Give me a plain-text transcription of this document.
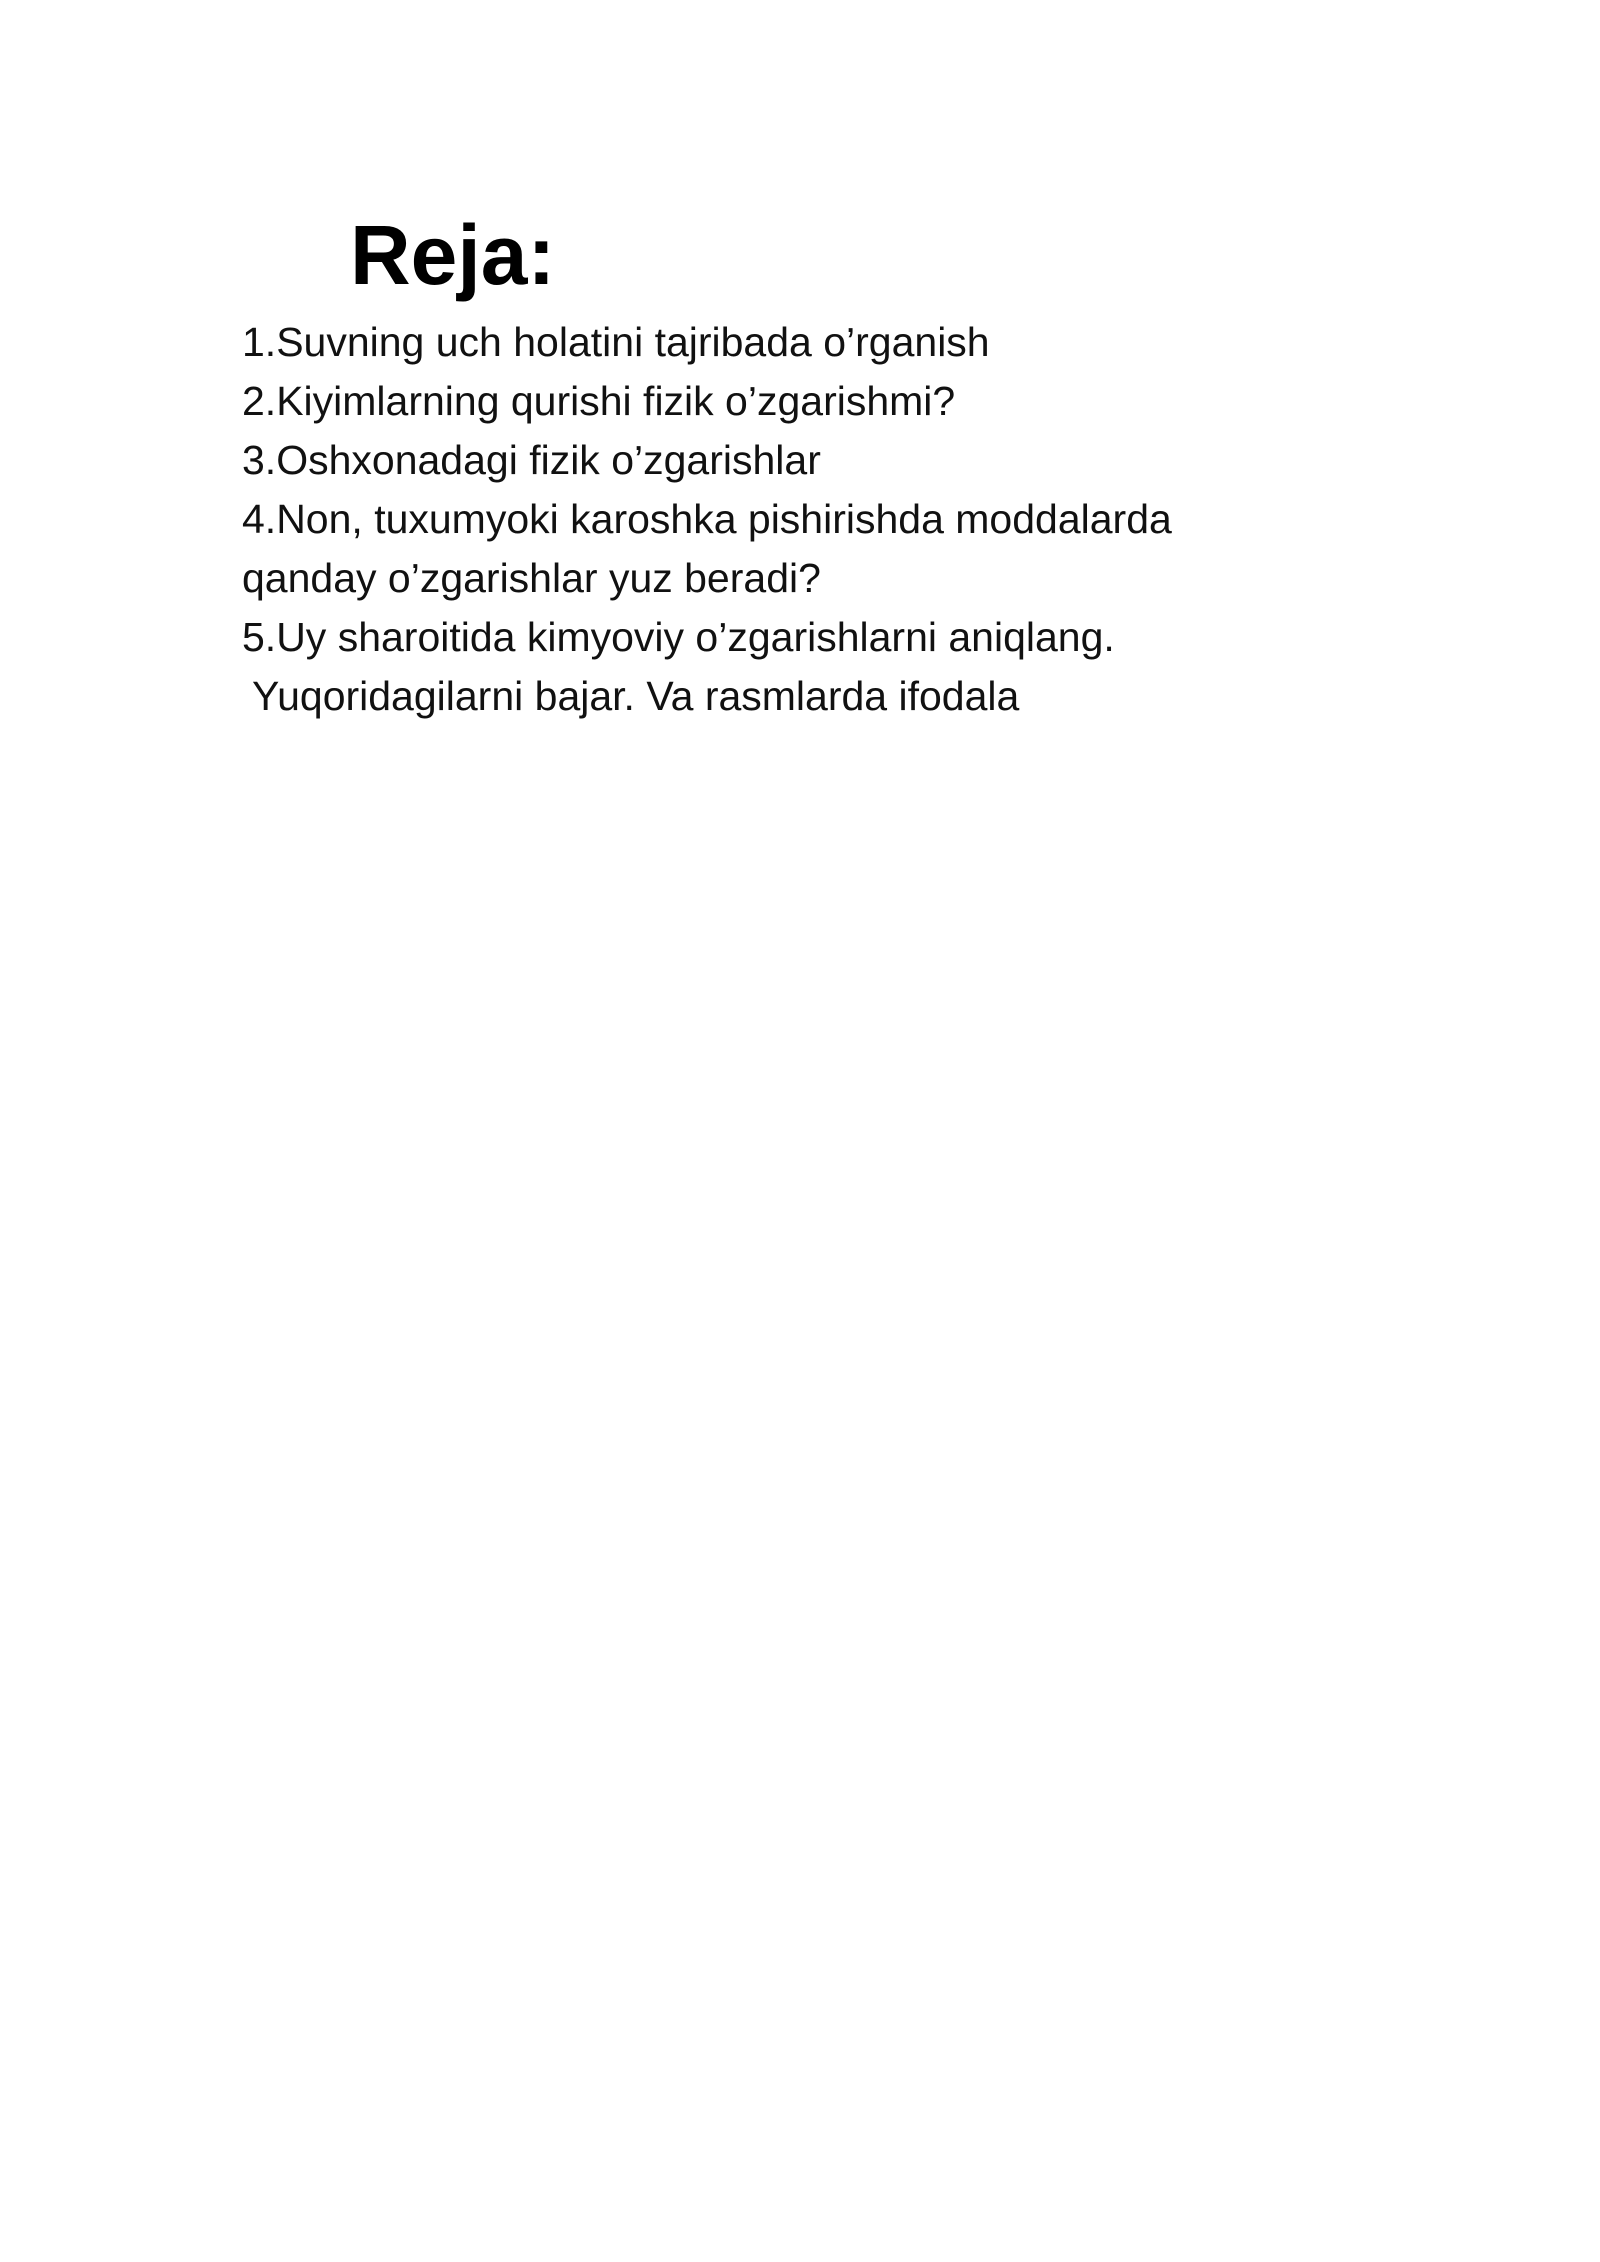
Reja:
1.Suvning uch holatini tajribada o’rganish
2.Kiyimlarning qurishi fizik o’zgarishmi?
3.Oshxonadagi fizik o’zgarishlar
4.Non, tuxumyoki karoshka pishirishda moddalarda
qanday o’zgarishlar yuz beradi?
5.Uy sharoitida kimyoviy o’zgarishlarni aniqlang.
Yuqoridagilarni bajar. Va rasmlarda ifodala
